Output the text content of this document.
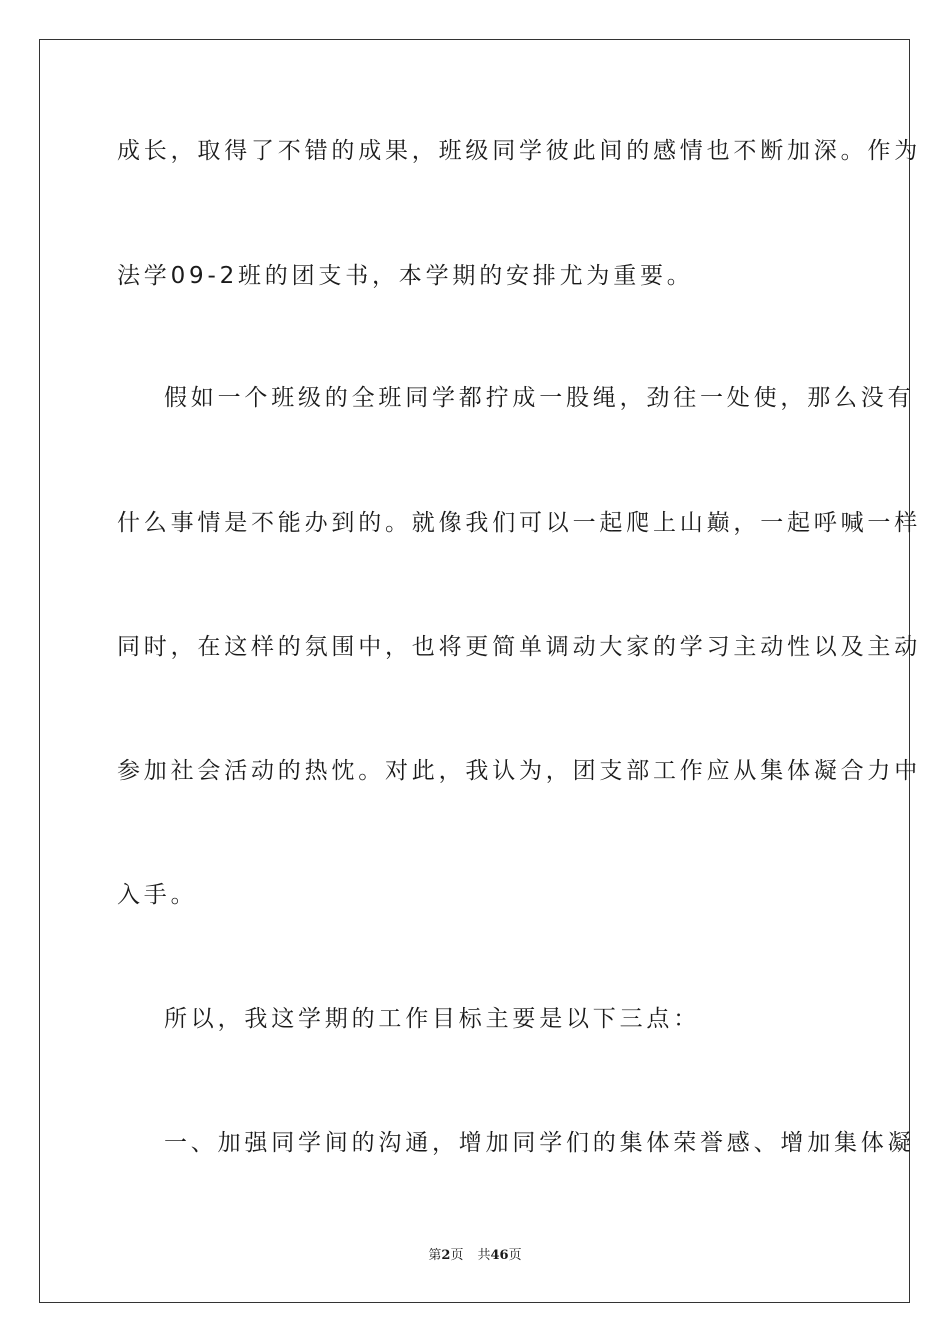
成长，取得了不错的成果，班级同学彼此间的感情也不断加深。作为
法学09-2班的团支书，本学期的安排尤为重要。
假如一个班级的全班同学都拧成一股绳，劲往一处使，那么没有
什么事情是不能办到的。就像我们可以一起爬上山巅，一起呼喊一样
同时，在这样的氛围中，也将更简单调动大家的学习主动性以及主动
参加社会活动的热忱。对此，我认为，团支部工作应从集体凝合力中
入手。
所以，我这学期的工作目标主要是以下三点：
一、加强同学间的沟通，增加同学们的集体荣誉感、增加集体凝
第2页 共46页
